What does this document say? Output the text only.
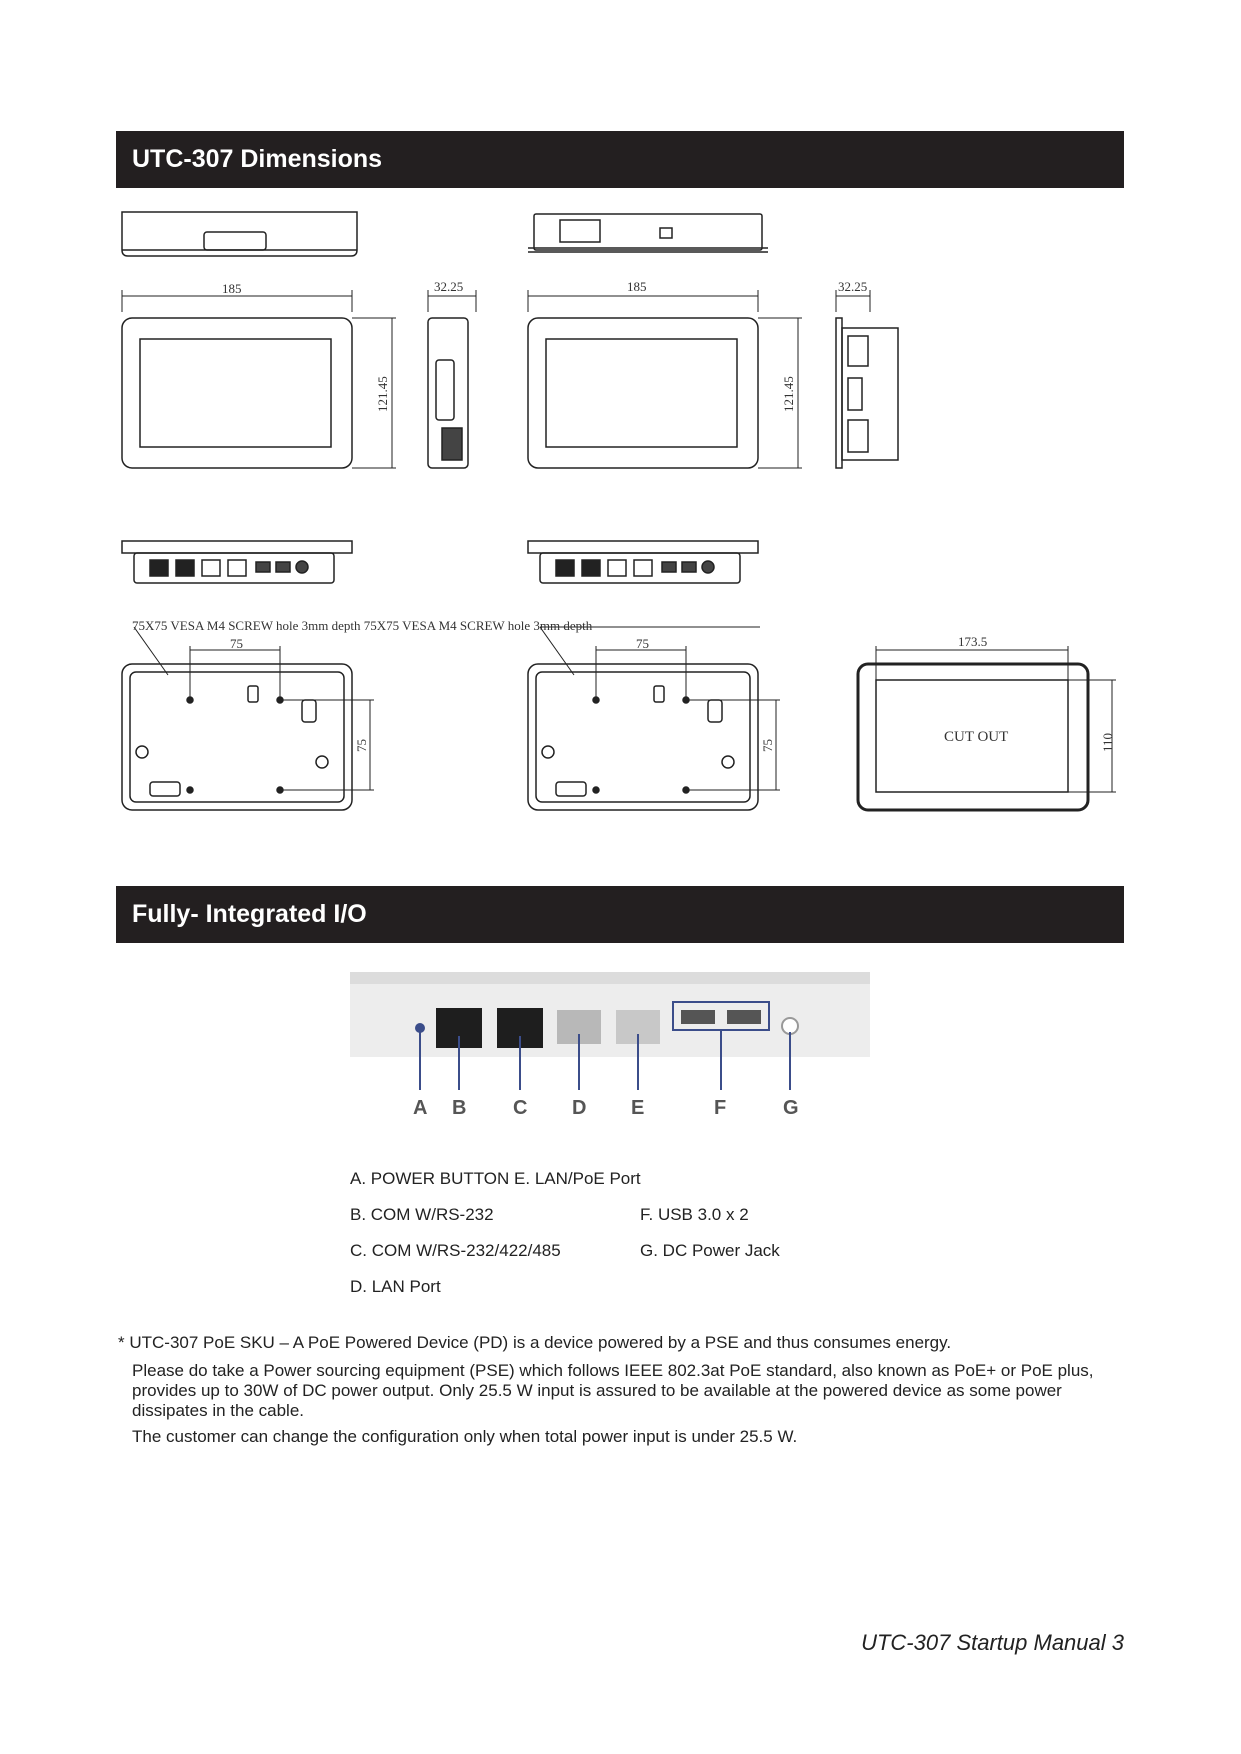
UTC-307 Dimensions
185	32.25
121.45
185	32.25
121.45
75X75 VESA M4 SCREW hole 3mm depth 75X75 VESA M4 SCREW hole 3mm depth
75
75
75
75
173.5
110
CUT OUT
Fully- Integrated I/O
A B C D E	F	G
A. POWER BUTTON E. LAN/PoE Port
B. COM W/RS-232	F. USB 3.0 x 2
C. COM W/RS-232/422/485	G. DC Power Jack
D. LAN Port
* UTC-307 PoE SKU – A PoE Powered Device (PD) is a device powered by a PSE and thus consumes energy.
Please do take a Power sourcing equipment (PSE) which follows IEEE 802.3at PoE standard, also known as PoE+ or PoE plus, provides up to 30W of DC power output. Only 25.5 W input is assured to be available at the powered device as some power dissipates in the cable.
The customer can change the configuration only when total power input is under 25.5 W.
UTC-307 Startup Manual 3
